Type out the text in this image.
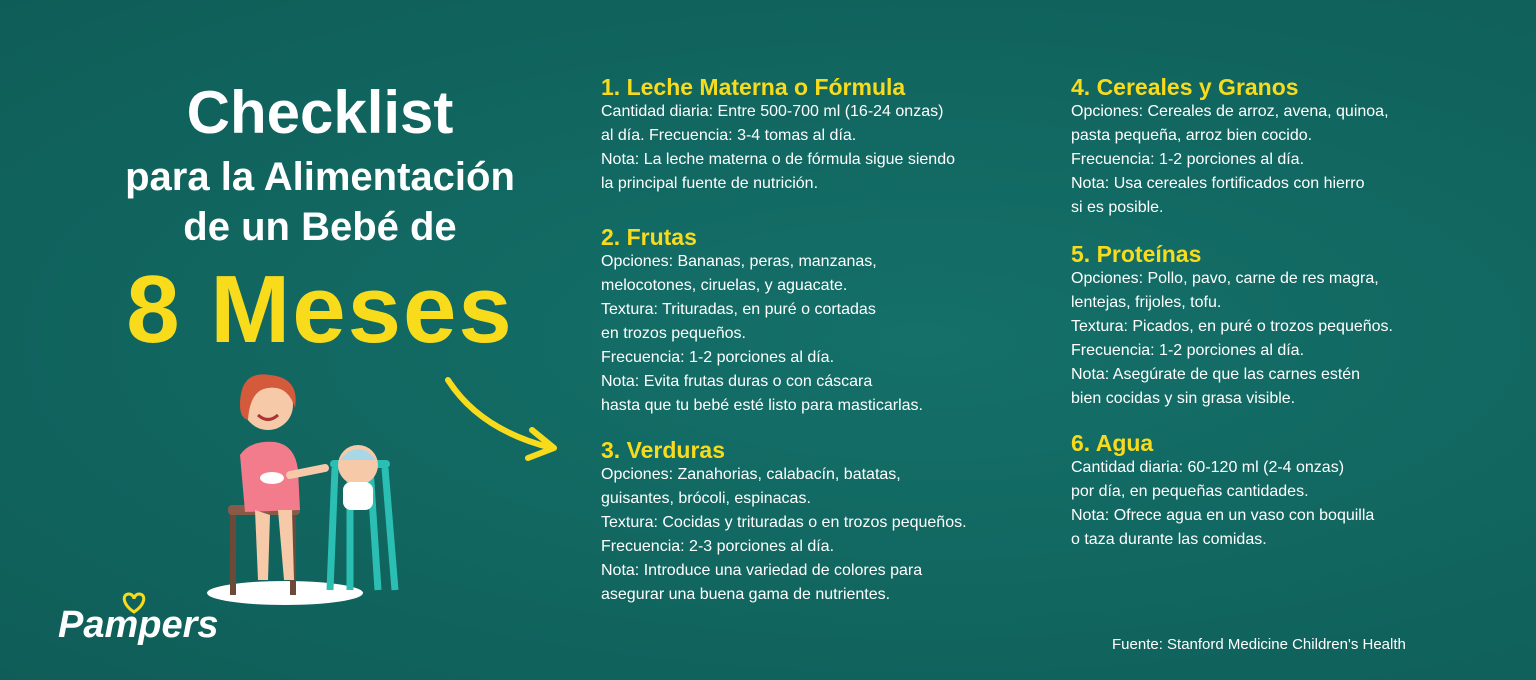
Checklist
para la Alimentación
de un Bebé de
8 Meses
1. Leche Materna o Fórmula
Cantidad diaria: Entre 500-700 ml (16-24 onzas)
al día. Frecuencia: 3-4 tomas al día.
Nota: La leche materna o de fórmula sigue siendo
la principal fuente de nutrición.
2. Frutas
Opciones: Bananas, peras, manzanas,
melocotones, ciruelas, y aguacate.
Textura: Trituradas, en puré o cortadas
en trozos pequeños.
Frecuencia: 1-2 porciones al día.
Nota: Evita frutas duras o con cáscara
hasta que tu bebé esté listo para masticarlas.
3. Verduras
Opciones: Zanahorias, calabacín, batatas,
guisantes, brócoli, espinacas.
Textura: Cocidas y trituradas o en trozos pequeños.
Frecuencia: 2-3 porciones al día.
Nota: Introduce una variedad de colores para
asegurar una buena gama de nutrientes.
4. Cereales y Granos
Opciones: Cereales de arroz, avena, quinoa,
pasta pequeña, arroz bien cocido.
Frecuencia: 1-2 porciones al día.
Nota: Usa cereales fortificados con hierro
si es posible.
5. Proteínas
Opciones: Pollo, pavo, carne de res magra,
lentejas, frijoles, tofu.
Textura: Picados, en puré o trozos pequeños.
Frecuencia: 1-2 porciones al día.
Nota: Asegúrate de que las carnes estén
bien cocidas y sin grasa visible.
6. Agua
Cantidad diaria: 60-120 ml (2-4 onzas)
por día, en pequeñas cantidades.
Nota: Ofrece agua en un vaso con boquilla
o taza durante las comidas.
Pampers	Fuente: Stanford Medicine Children's Health
